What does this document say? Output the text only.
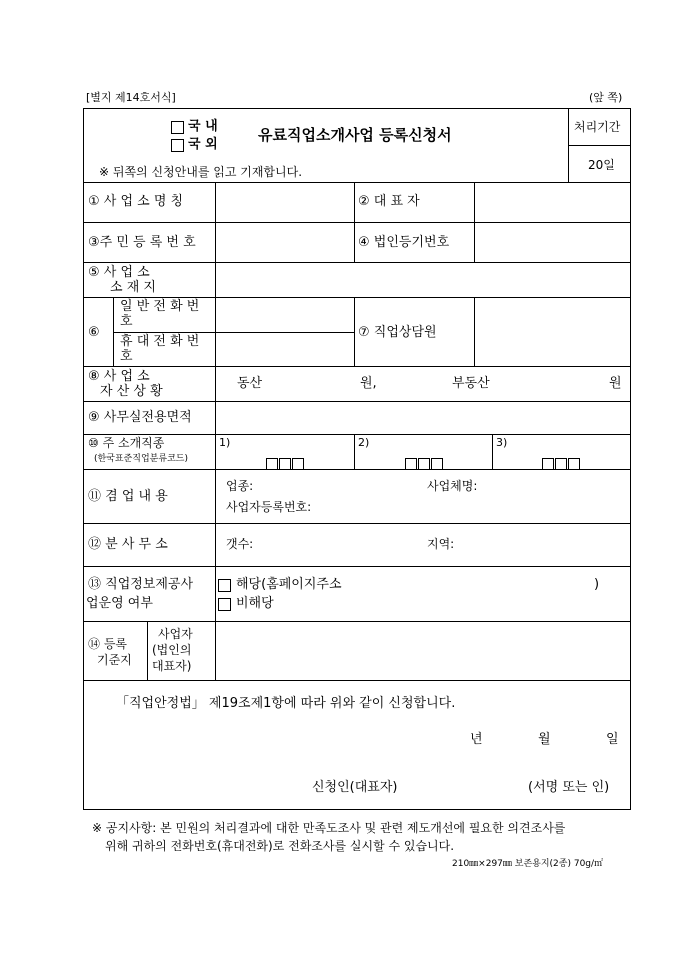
[별지 제14호서식]	(앞 쪽)
국 내
국 외
유료직업소개사업 등록신청서
※ 뒤쪽의 신청안내를 읽고 기재합니다.
처리기간
20일
① 사 업 소 명 칭	② 대 표 자
③주 민 등 록 번 호	④ 법인등기번호
⑤ 사 업 소
소 재 지
⑥
일 반 전 화 번
호
휴 대 전 화 번
호
⑦ 직업상담원
⑧ 사 업 소
자 산 상 황
동산	원,	부동산	원
⑨ 사무실전용면적
⑩ 주 소개직종
(한국표준직업분류코드)
1)	2)	3)
⑪ 겸 업 내 용
업종:	사업체명:
사업자등록번호:
⑫ 분 사 무 소	갯수:	지역:
⑬ 직업정보제공사
업운영 여부
해당(홈페이지주소	)
비해당
⑭ 등록
기준지
사업자
(법인의
대표자)
「직업안정법」 제19조제1항에 따라 위와 같이 신청합니다.
년	월	일
신청인(대표자)	(서명 또는 인)
※ 공지사항: 본 민원의 처리결과에 대한 만족도조사 및 관련 제도개선에 필요한 의견조사를
위해 귀하의 전화번호(휴대전화)로 전화조사를 실시할 수 있습니다.
210㎜×297㎜ 보존용지(2종) 70g/㎡
